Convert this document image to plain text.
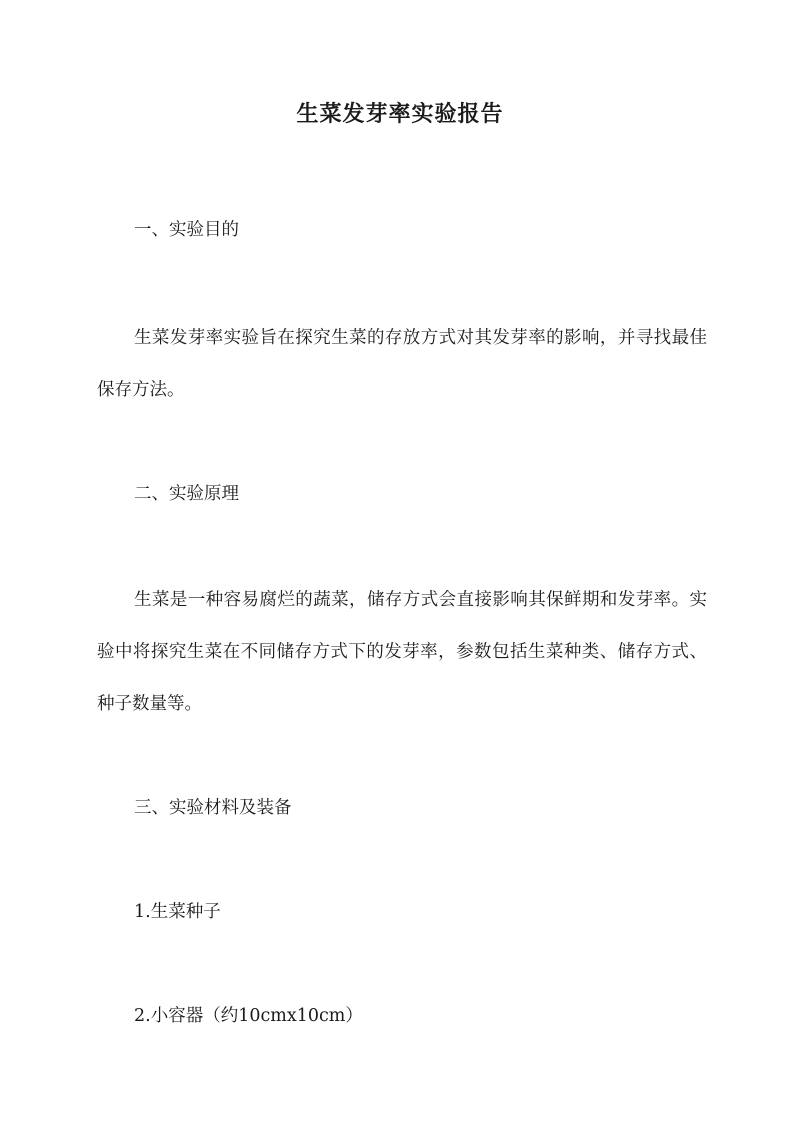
生菜发芽率实验报告

一、实验目的

生菜发芽率实验旨在探究生菜的存放方式对其发芽率的影响，并寻找最佳保存方法。

二、实验原理

生菜是一种容易腐烂的蔬菜，储存方式会直接影响其保鲜期和发芽率。实验中将探究生菜在不同储存方式下的发芽率，参数包括生菜种类、储存方式、种子数量等。

三、实验材料及装备

1.生菜种子

2.小容器（约10cmx10cm）
